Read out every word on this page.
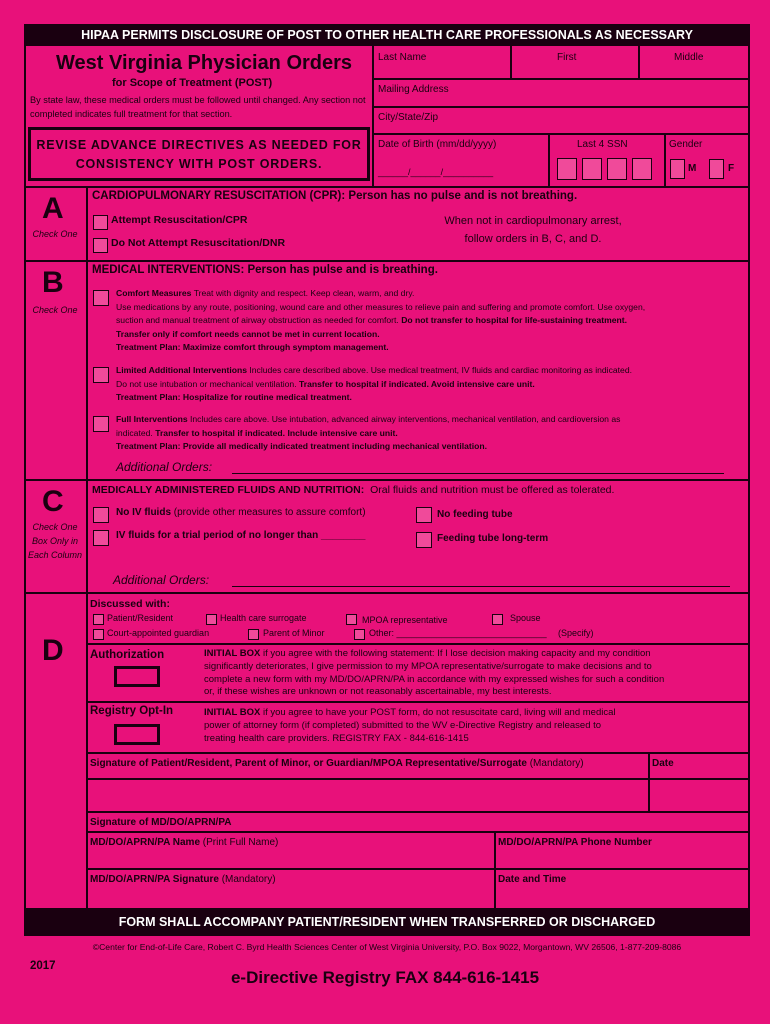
HIPAA PERMITS DISCLOSURE OF POST TO OTHER HEALTH CARE PROFESSIONALS AS NECESSARY
West Virginia Physician Orders
for Scope of Treatment (POST)
By state law, these medical orders must be followed until changed. Any section not completed indicates full treatment for that section.
REVISE ADVANCE DIRECTIVES AS NEEDED FOR CONSISTENCY WITH POST ORDERS.
Last Name	First	Middle
Mailing Address
City/State/Zip
Date of Birth (mm/dd/yyyy)
______/______/__________
Last 4 SSN	Gender
M	F
A
Check One
CARDIOPULMONARY RESUSCITATION (CPR): Person has no pulse and is not breathing.
Attempt Resuscitation/CPR
Do Not Attempt Resuscitation/DNR
When not in cardiopulmonary arrest,
follow orders in B, C, and D.
B
Check One
MEDICAL INTERVENTIONS: Person has pulse and is breathing.
Comfort Measures Treat with dignity and respect. Keep clean, warm, and dry.
Use medications by any route, positioning, wound care and other measures to relieve pain and suffering and promote comfort. Use oxygen,
suction and manual treatment of airway obstruction as needed for comfort. Do not transfer to hospital for life-sustaining treatment.
Transfer only if comfort needs cannot be met in current location.
Treatment Plan: Maximize comfort through symptom management.
Limited Additional Interventions Includes care described above. Use medical treatment, IV fluids and cardiac monitoring as indicated.
Do not use intubation or mechanical ventilation. Transfer to hospital if indicated. Avoid intensive care unit.
Treatment Plan: Hospitalize for routine medical treatment.
Full Interventions Includes care above. Use intubation, advanced airway interventions, mechanical ventilation, and cardioversion as
indicated. Transfer to hospital if indicated. Include intensive care unit.
Treatment Plan: Provide all medically indicated treatment including mechanical ventilation.
Additional Orders:
C
Check One Box Only in Each Column
MEDICALLY ADMINISTERED FLUIDS AND NUTRITION: Oral fluids and nutrition must be offered as tolerated.
No IV fluids (provide other measures to assure comfort)
IV fluids for a trial period of no longer than ________
No feeding tube
Feeding tube long-term
Additional Orders:
D
Discussed with:
Patient/Resident	Health care surrogate	MPOA representative	Spouse
Court-appointed guardian	Parent of Minor	Other: ______________________________ (Specify)
Authorization	INITIAL BOX if you agree with the following statement: If I lose decision making capacity and my condition
significantly deteriorates, I give permission to my MPOA representative/surrogate to make decisions and to
complete a new form with my MD/DO/APRN/PA in accordance with my expressed wishes for such a condition
or, if these wishes are unknown or not reasonably ascertainable, my best interests.
Registry Opt-In	INITIAL BOX if you agree to have your POST form, do not resuscitate card, living will and medical
power of attorney form (if completed) submitted to the WV e-Directive Registry and released to
treating health care providers. REGISTRY FAX - 844-616-1415
Signature of Patient/Resident, Parent of Minor, or Guardian/MPOA Representative/Surrogate (Mandatory)	Date
Signature of MD/DO/APRN/PA
MD/DO/APRN/PA Name (Print Full Name)	MD/DO/APRN/PA Phone Number
MD/DO/APRN/PA Signature (Mandatory)	Date and Time
FORM SHALL ACCOMPANY PATIENT/RESIDENT WHEN TRANSFERRED OR DISCHARGED
©Center for End-of-Life Care, Robert C. Byrd Health Sciences Center of West Virginia University, P.O. Box 9022, Morgantown, WV 26506, 1-877-209-8086
2017
e-Directive Registry FAX 844-616-1415
